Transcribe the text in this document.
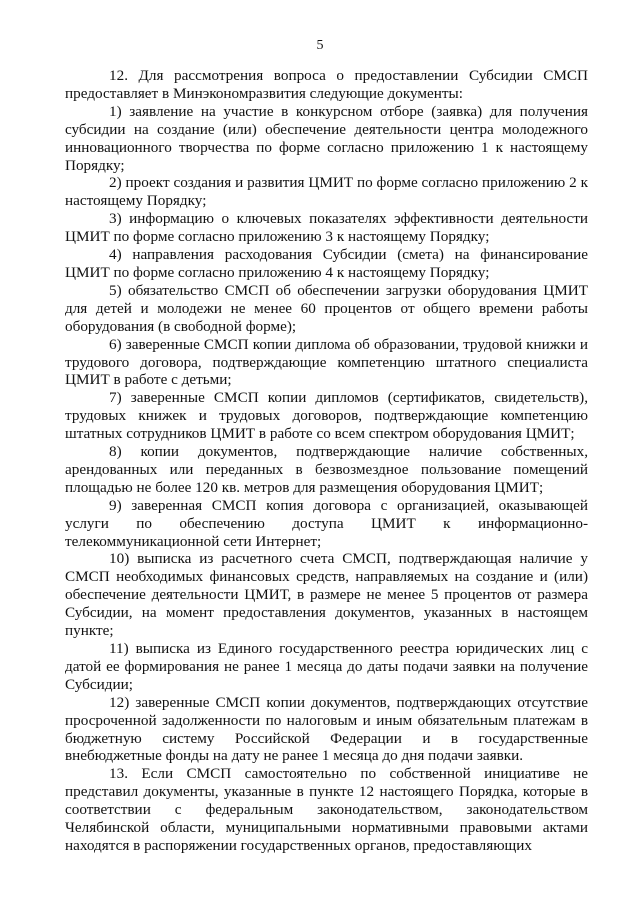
5

12. Для рассмотрения вопроса о предоставлении Субсидии СМСП предоставляет в Минэкономразвития следующие документы:

1) заявление на участие в конкурсном отборе (заявка) для получения субсидии на создание (или) обеспечение деятельности центра молодежного инновационного творчества по форме согласно приложению 1 к настоящему Порядку;

2) проект создания и развития ЦМИТ по форме согласно приложению 2 к настоящему Порядку;

3) информацию о ключевых показателях эффективности деятельности ЦМИТ по форме согласно приложению 3 к настоящему Порядку;

4) направления расходования Субсидии (смета) на финансирование ЦМИТ по форме согласно приложению 4 к настоящему Порядку;

5) обязательство СМСП об обеспечении загрузки оборудования ЦМИТ для детей и молодежи не менее 60 процентов от общего времени работы оборудования (в свободной форме);

6) заверенные СМСП копии диплома об образовании, трудовой книжки и трудового договора, подтверждающие компетенцию штатного специалиста ЦМИТ в работе с детьми;

7) заверенные СМСП копии дипломов (сертификатов, свидетельств), трудовых книжек и трудовых договоров, подтверждающие компетенцию штатных сотрудников ЦМИТ в работе со всем спектром оборудования ЦМИТ;

8) копии документов, подтверждающие наличие собственных, арендованных или переданных в безвозмездное пользование помещений площадью не более 120 кв. метров для размещения оборудования ЦМИТ;

9) заверенная СМСП копия договора с организацией, оказывающей услуги по обеспечению доступа ЦМИТ к информационно-телекоммуникационной сети Интернет;

10) выписка из расчетного счета СМСП, подтверждающая наличие у СМСП необходимых финансовых средств, направляемых на создание и (или) обеспечение деятельности ЦМИТ, в размере не менее 5 процентов от размера Субсидии, на момент предоставления документов, указанных в настоящем пункте;

11) выписка из Единого государственного реестра юридических лиц с датой ее формирования не ранее 1 месяца до даты подачи заявки на получение Субсидии;

12) заверенные СМСП копии документов, подтверждающих отсутствие просроченной задолженности по налоговым и иным обязательным платежам в бюджетную систему Российской Федерации и в государственные внебюджетные фонды на дату не ранее 1 месяца до дня подачи заявки.

13. Если СМСП самостоятельно по собственной инициативе не представил документы, указанные в пункте 12 настоящего Порядка, которые в соответствии с федеральным законодательством, законодательством Челябинской области, муниципальными нормативными правовыми актами находятся в распоряжении государственных органов, предоставляющих
